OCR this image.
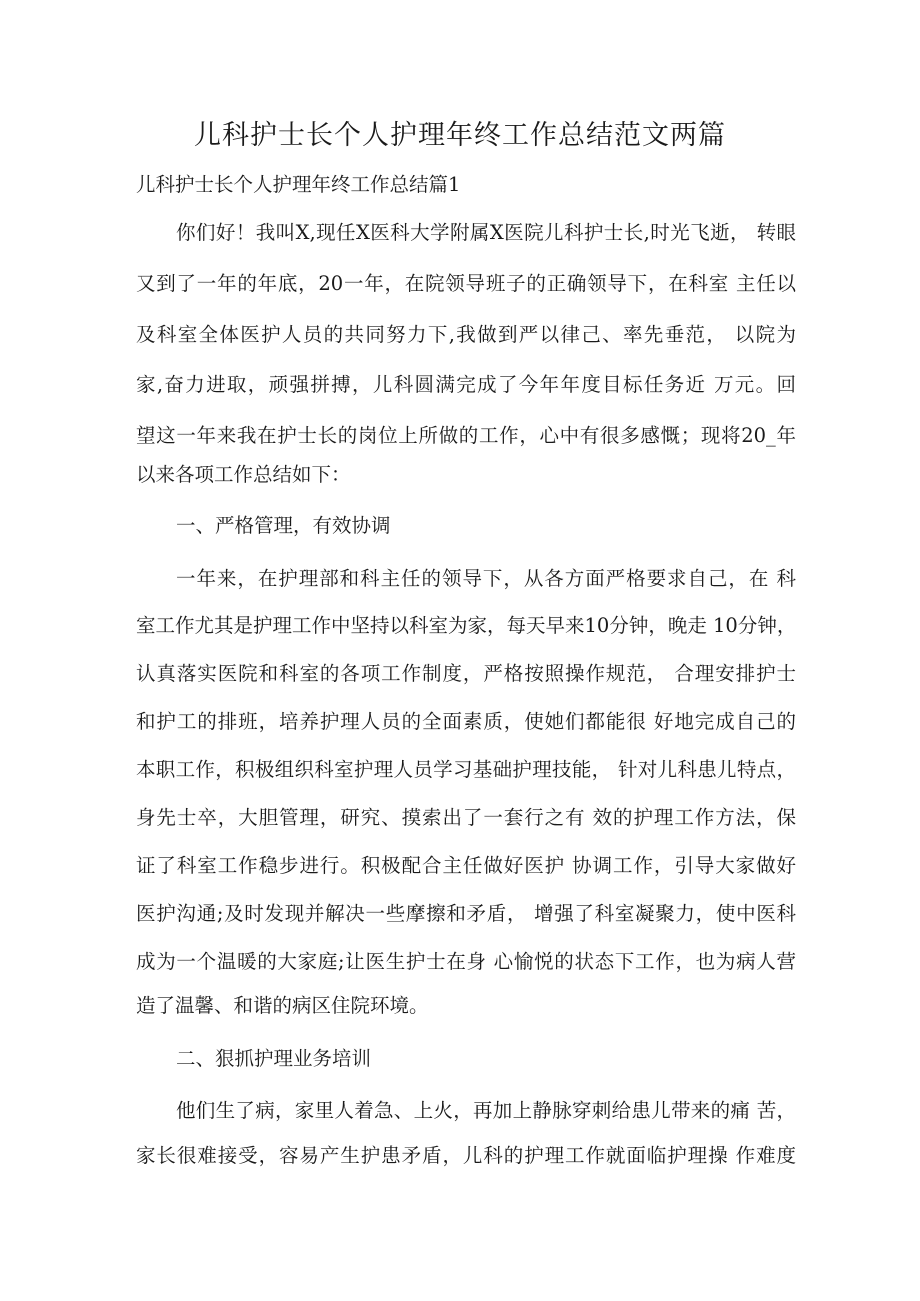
儿科护士长个人护理年终工作总结范文两篇
儿科护士长个人护理年终工作总结篇1
你们好！我叫X,现任X医科大学附属X医院儿科护士长,时光飞逝， 转眼
又到了一年的年底，20一年，在院领导班子的正确领导下，在科室 主任以
及科室全体医护人员的共同努力下,我做到严以律己、率先垂范， 以院为
家,奋力进取，顽强拼搏，儿科圆满完成了今年年度目标任务近 万元。回
望这一年来我在护士长的岗位上所做的工作，心中有很多感慨；现将20_年
以来各项工作总结如下：
一、严格管理，有效协调
一年来，在护理部和科主任的领导下，从各方面严格要求自己，在 科
室工作尤其是护理工作中坚持以科室为家，每天早来10分钟，晚走 10分钟，
认真落实医院和科室的各项工作制度，严格按照操作规范， 合理安排护士
和护工的排班，培养护理人员的全面素质，使她们都能很 好地完成自己的
本职工作，积极组织科室护理人员学习基础护理技能， 针对儿科患儿特点，
身先士卒，大胆管理，研究、摸索出了一套行之有 效的护理工作方法，保
证了科室工作稳步进行。积极配合主任做好医护 协调工作，引导大家做好
医护沟通;及时发现并解决一些摩擦和矛盾， 增强了科室凝聚力，使中医科
成为一个温暖的大家庭;让医生护士在身 心愉悦的状态下工作，也为病人营
造了温馨、和谐的病区住院环境。
二、狠抓护理业务培训
他们生了病，家里人着急、上火，再加上静脉穿刺给患儿带来的痛 苦，
家长很难接受，容易产生护患矛盾，儿科的护理工作就面临护理操 作难度
